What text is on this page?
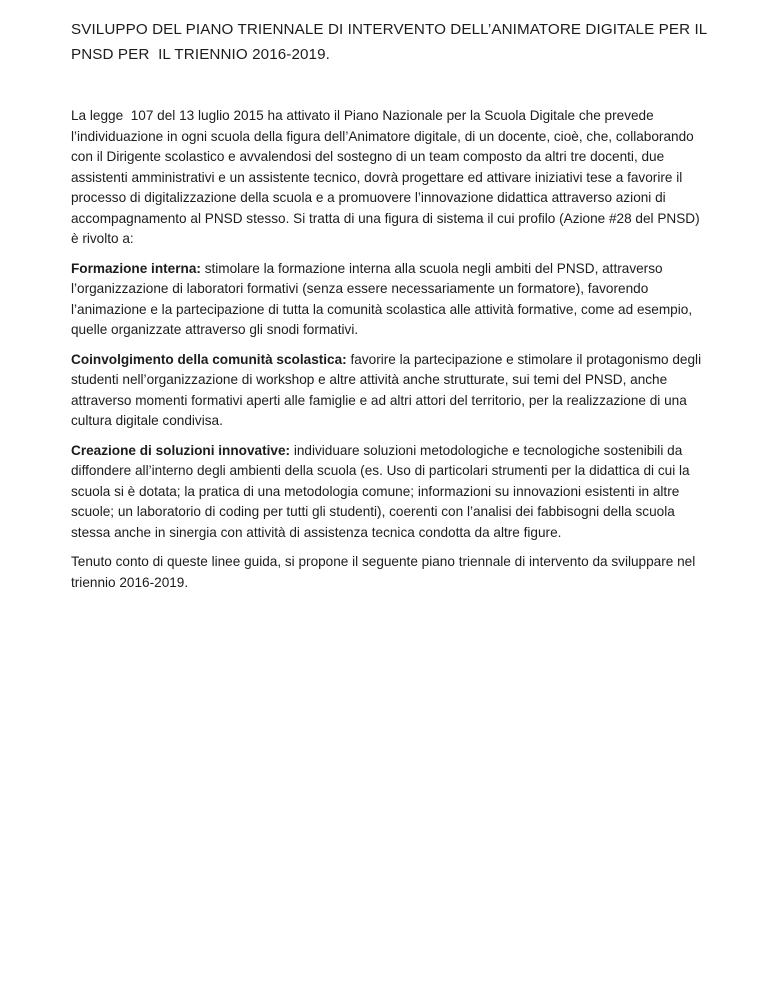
SVILUPPO DEL PIANO TRIENNALE DI INTERVENTO DELL’ANIMATORE DIGITALE PER IL PNSD PER  IL TRIENNIO 2016-2019.

La legge  107 del 13 luglio 2015 ha attivato il Piano Nazionale per la Scuola Digitale che prevede l’individuazione in ogni scuola della figura dell’Animatore digitale, di un docente, cioè, che, collaborando con il Dirigente scolastico e avvalendosi del sostegno di un team composto da altri tre docenti, due assistenti amministrativi e un assistente tecnico, dovrà progettare ed attivare iniziativi tese a favorire il processo di digitalizzazione della scuola e a promuovere l’innovazione didattica attraverso azioni di accompagnamento al PNSD stesso. Si tratta di una figura di sistema il cui profilo (Azione #28 del PNSD) è rivolto a:

Formazione interna: stimolare la formazione interna alla scuola negli ambiti del PNSD, attraverso l’organizzazione di laboratori formativi (senza essere necessariamente un formatore), favorendo l’animazione e la partecipazione di tutta la comunità scolastica alle attività formative, come ad esempio, quelle organizzate attraverso gli snodi formativi.

Coinvolgimento della comunità scolastica: favorire la partecipazione e stimolare il protagonismo degli studenti nell’organizzazione di workshop e altre attività anche strutturate, sui temi del PNSD, anche attraverso momenti formativi aperti alle famiglie e ad altri attori del territorio, per la realizzazione di una cultura digitale condivisa.

Creazione di soluzioni innovative: individuare soluzioni metodologiche e tecnologiche sostenibili da diffondere all’interno degli ambienti della scuola (es. Uso di particolari strumenti per la didattica di cui la scuola si è dotata; la pratica di una metodologia comune; informazioni su innovazioni esistenti in altre scuole; un laboratorio di coding per tutti gli studenti), coerenti con l’analisi dei fabbisogni della scuola stessa anche in sinergia con attività di assistenza tecnica condotta da altre figure.

Tenuto conto di queste linee guida, si propone il seguente piano triennale di intervento da sviluppare nel triennio 2016-2019.
